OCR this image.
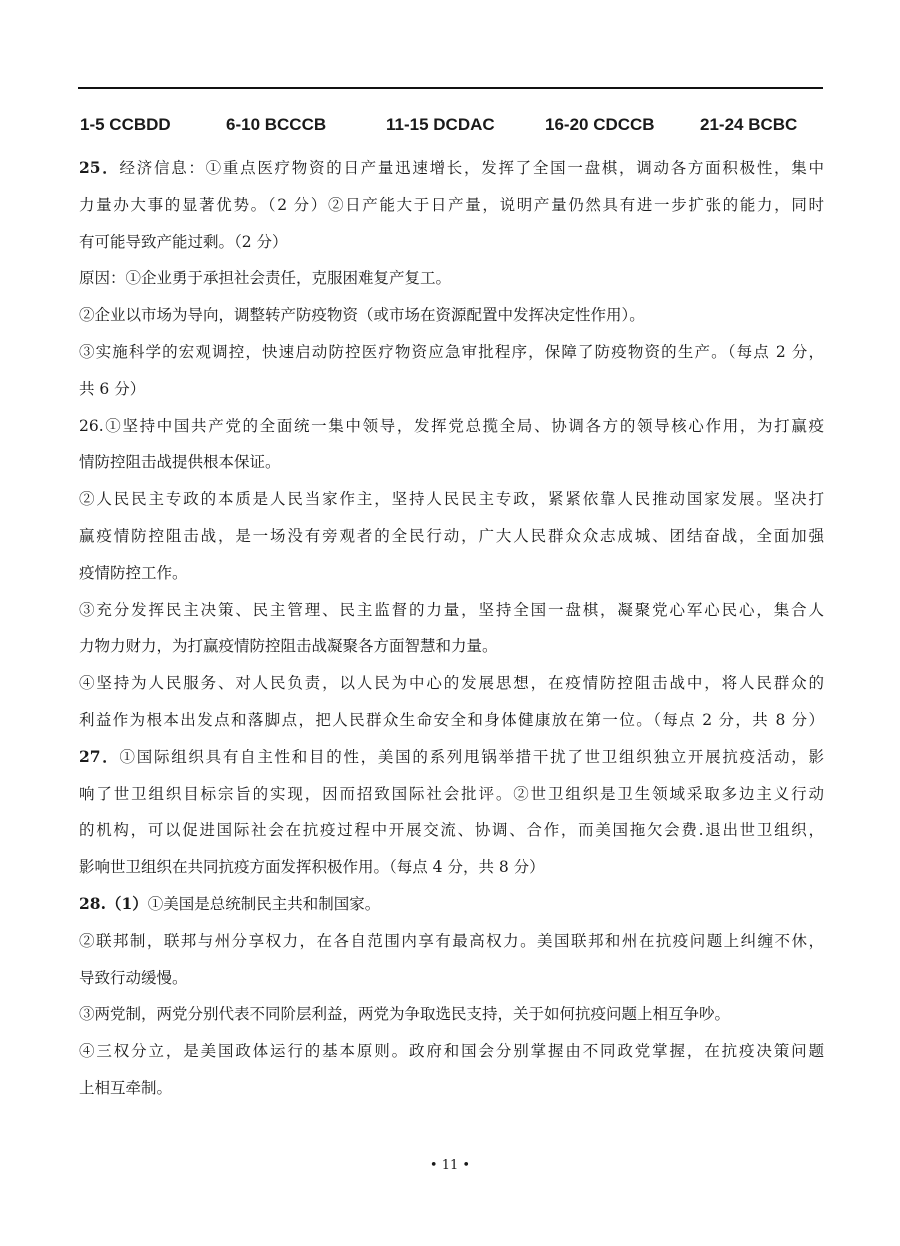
1-5 CCBDD	6-10 BCCCB	11-15 DCDAC	16-20 CDCCB	21-24 BCBC
25．经济信息：①重点医疗物资的日产量迅速增长，发挥了全国一盘棋，调动各方面积极性，集中
力量办大事的显著优势。（2 分）②日产能大于日产量，说明产量仍然具有进一步扩张的能力，同时
有可能导致产能过剩。（2 分）
原因：①企业勇于承担社会责任，克服困难复产复工。
②企业以市场为导向，调整转产防疫物资（或市场在资源配置中发挥决定性作用）。
③实施科学的宏观调控，快速启动防控医疗物资应急审批程序，保障了防疫物资的生产。（每点 2 分，
共 6 分）
26.①坚持中国共产党的全面统一集中领导，发挥党总揽全局、协调各方的领导核心作用，为打赢疫
情防控阻击战提供根本保证。
②人民民主专政的本质是人民当家作主，坚持人民民主专政，紧紧依靠人民推动国家发展。坚决打
赢疫情防控阻击战，是一场没有旁观者的全民行动，广大人民群众众志成城、团结奋战，全面加强
疫情防控工作。
③充分发挥民主决策、民主管理、民主监督的力量，坚持全国一盘棋，凝聚党心军心民心，集合人
力物力财力，为打赢疫情防控阻击战凝聚各方面智慧和力量。
④坚持为人民服务、对人民负责，以人民为中心的发展思想，在疫情防控阻击战中，将人民群众的
利益作为根本出发点和落脚点，把人民群众生命安全和身体健康放在第一位。（每点 2 分，共 8 分）
27．①国际组织具有自主性和目的性，美国的系列甩锅举措干扰了世卫组织独立开展抗疫活动，影
响了世卫组织目标宗旨的实现，因而招致国际社会批评。②世卫组织是卫生领域采取多边主义行动
的机构，可以促进国际社会在抗疫过程中开展交流、协调、合作，而美国拖欠会费.退出世卫组织，
影响世卫组织在共同抗疫方面发挥积极作用。（每点 4 分，共 8 分）
28.（1）①美国是总统制民主共和制国家。
②联邦制，联邦与州分享权力，在各自范围内享有最高权力。美国联邦和州在抗疫问题上纠缠不休，
导致行动缓慢。
③两党制，两党分别代表不同阶层利益，两党为争取选民支持，关于如何抗疫问题上相互争吵。
④三权分立，是美国政体运行的基本原则。政府和国会分别掌握由不同政党掌握，在抗疫决策问题
上相互牵制。
• 11 •
